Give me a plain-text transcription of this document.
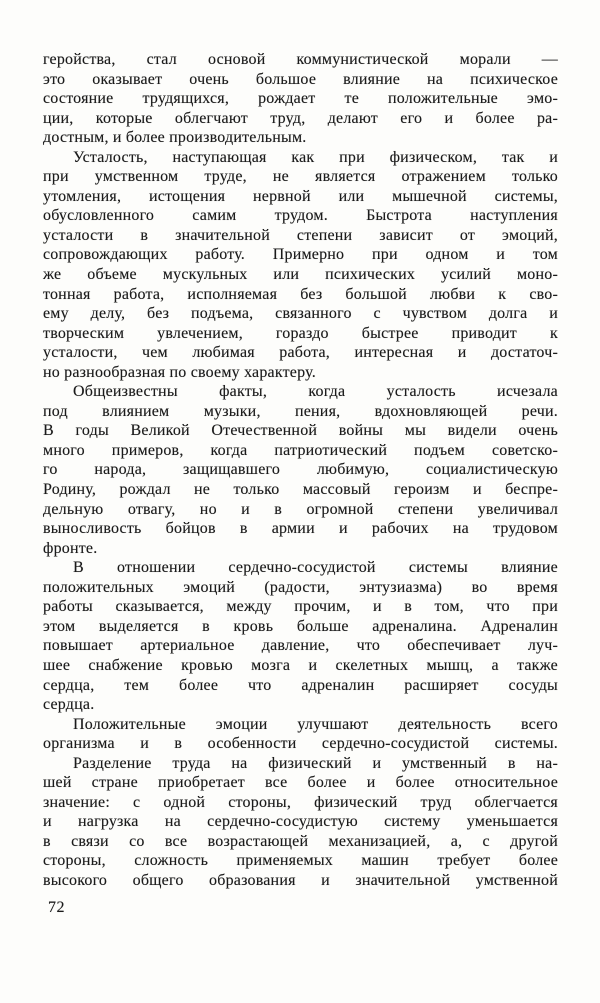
геройства, стал основой коммунистической морали —
это оказывает очень большое влияние на психическое
состояние трудящихся, рождает те положительные эмо-
ции, которые облегчают труд, делают его и более ра-
достным, и более производительным.
Усталость, наступающая как при физическом, так и
при умственном труде, не является отражением только
утомления, истощения нервной или мышечной системы,
обусловленного самим трудом. Быстрота наступления
усталости в значительной степени зависит от эмоций,
сопровождающих работу. Примерно при одном и том
же объеме мускульных или психических усилий моно-
тонная работа, исполняемая без большой любви к сво-
ему делу, без подъема, связанного с чувством долга и
творческим увлечением, гораздо быстрее приводит к
усталости, чем любимая работа, интересная и достаточ-
но разнообразная по своему характеру.
Общеизвестны факты, когда усталость исчезала
под влиянием музыки, пения, вдохновляющей речи.
В годы Великой Отечественной войны мы видели очень
много примеров, когда патриотический подъем советско-
го народа, защищавшего любимую, социалистическую
Родину, рождал не только массовый героизм и беспре-
дельную отвагу, но и в огромной степени увеличивал
выносливость бойцов в армии и рабочих на трудовом
фронте.
В отношении сердечно-сосудистой системы влияние
положительных эмоций (радости, энтузиазма) во время
работы сказывается, между прочим, и в том, что при
этом выделяется в кровь больше адреналина. Адреналин
повышает артериальное давление, что обеспечивает луч-
шее снабжение кровью мозга и скелетных мышц, а также
сердца, тем более что адреналин расширяет сосуды
сердца.
Положительные эмоции улучшают деятельность всего
организма и в особенности сердечно-сосудистой системы.
Разделение труда на физический и умственный в на-
шей стране приобретает все более и более относительное
значение: с одной стороны, физический труд облегчается
и нагрузка на сердечно-сосудистую систему уменьшается
в связи со все возрастающей механизацией, а, с другой
стороны, сложность применяемых машин требует более
высокого общего образования и значительной умственной
72
